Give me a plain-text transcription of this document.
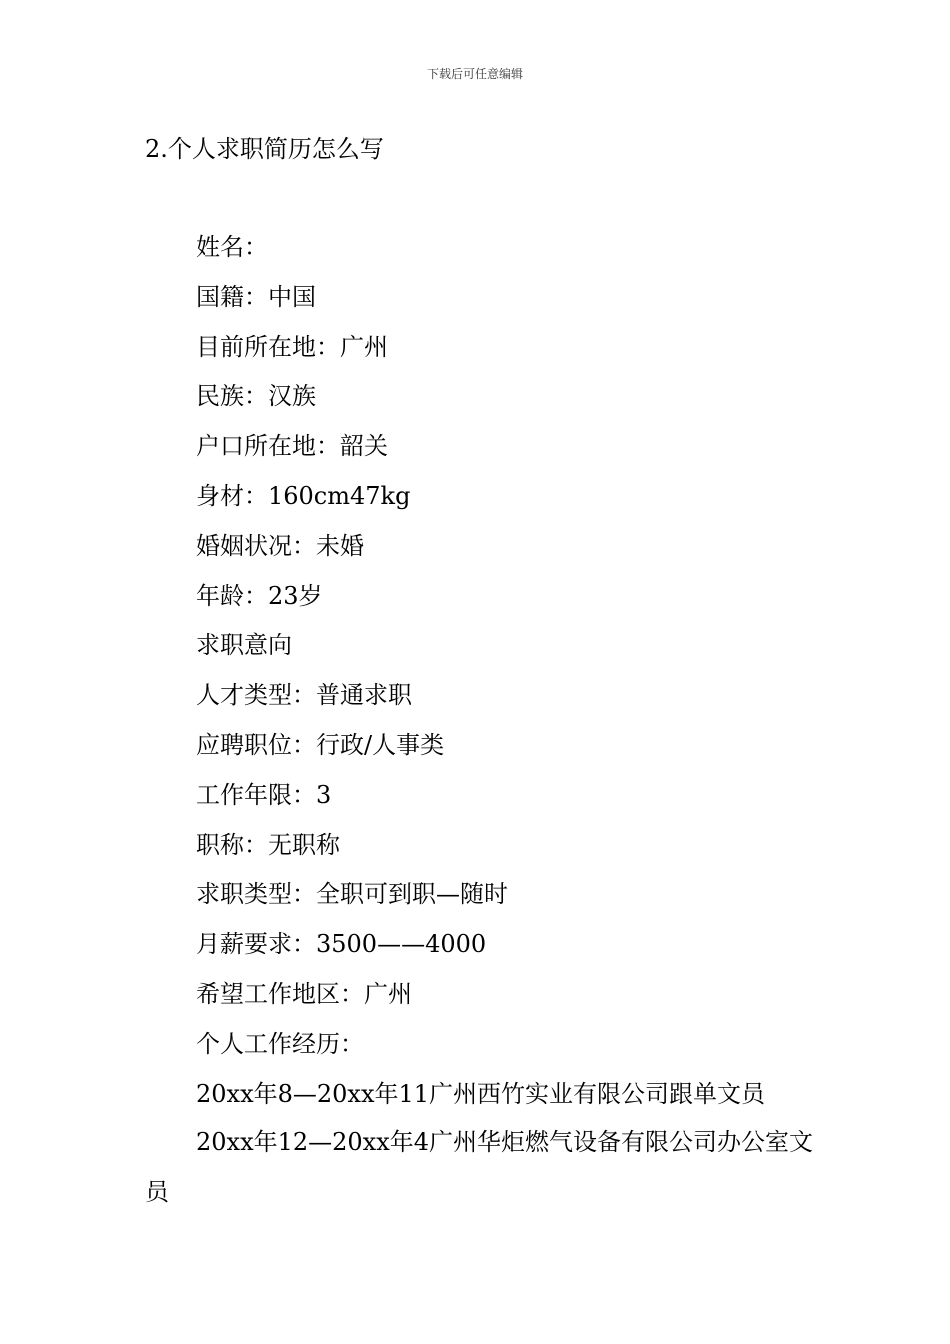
下载后可任意编辑
2.个人求职简历怎么写
姓名：
国籍：中国
目前所在地：广州
民族：汉族
户口所在地：韶关
身材：160cm47kg
婚姻状况：未婚
年龄：23岁
求职意向
人才类型：普通求职
应聘职位：行政/人事类
工作年限：3
职称：无职称
求职类型：全职可到职—随时
月薪要求：3500——4000
希望工作地区：广州
个人工作经历：
20xx年8—20xx年11广州西竹实业有限公司跟单文员
20xx年12—20xx年4广州华炬燃气设备有限公司办公室文员
